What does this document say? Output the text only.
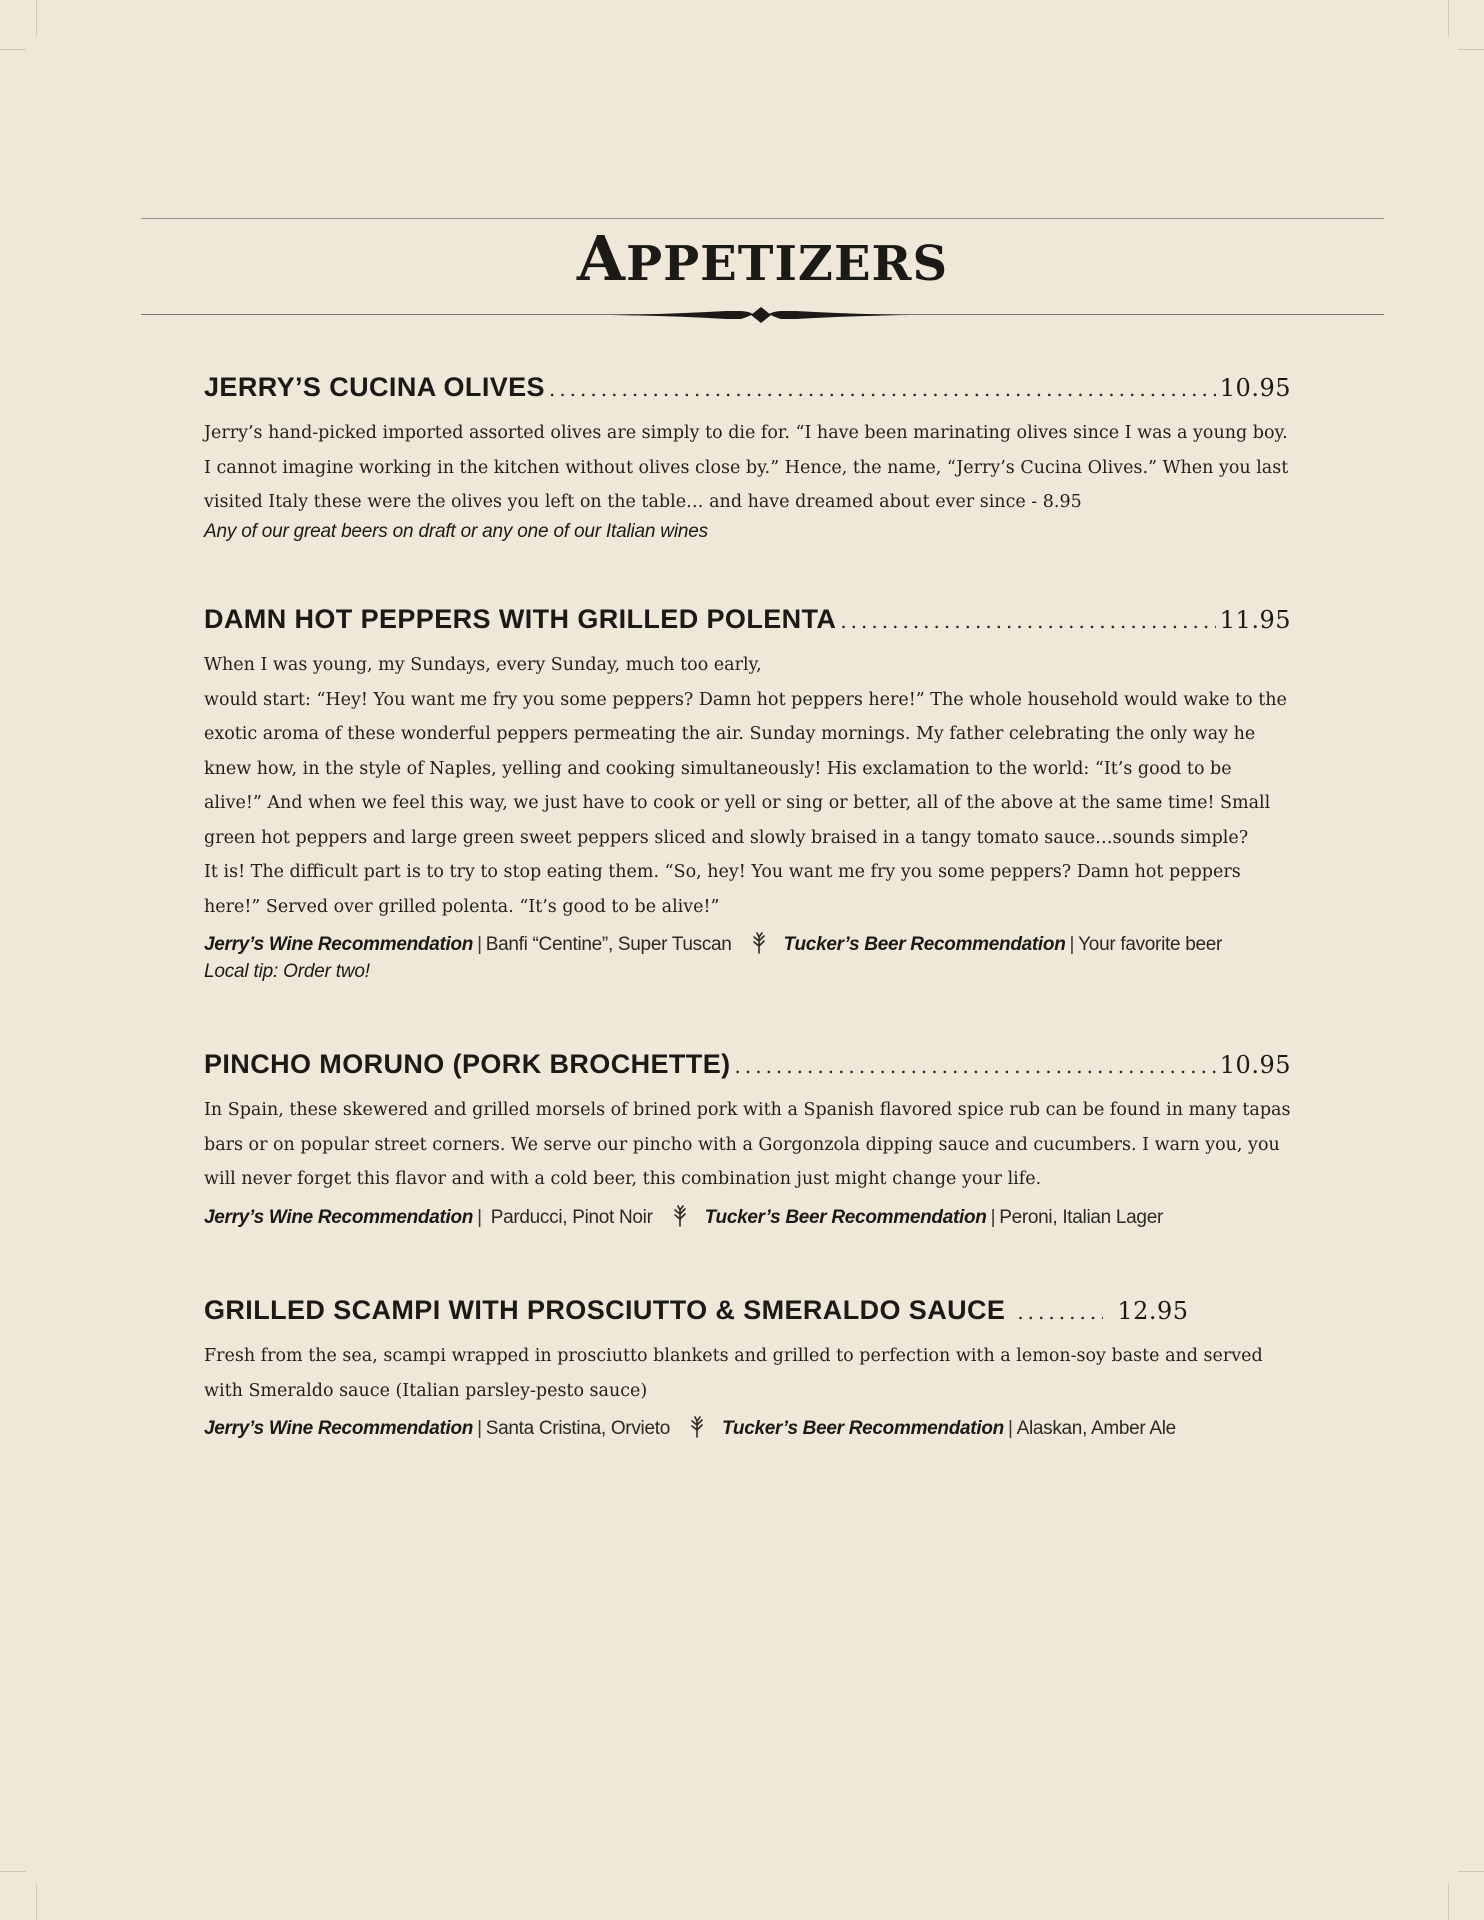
APPETIZERS
JERRY’S CUCINA OLIVES .....	10.95

Jerry’s hand-picked imported assorted olives are simply to die for. “I have been marinating olives since I was a young boy. I cannot imagine working in the kitchen without olives close by.” Hence, the name, “Jerry’s Cucina Olives.” When you last visited Italy these were the olives you left on the table… and have dreamed about ever since - 8.95

Any of our great beers on draft or any one of our Italian wines
DAMN HOT PEPPERS WITH GRILLED POLENTA .....	11.95

When I was young, my Sundays, every Sunday, much too early,

would start: “Hey! You want me fry you some peppers? Damn hot peppers here!” The whole household would wake to the exotic aroma of these wonderful peppers permeating the air. Sunday mornings. My father celebrating the only way he knew how, in the style of Naples, yelling and cooking simultaneously! His exclamation to the world: “It’s good to be alive!” And when we feel this way, we just have to cook or yell or sing or better, all of the above at the same time! Small green hot peppers and large green sweet peppers sliced and slowly braised in a tangy tomato sauce…sounds simple?

It is! The difficult part is to try to stop eating them. “So, hey! You want me fry you some peppers? Damn hot peppers here!” Served over grilled polenta. “It’s good to be alive!”

Jerry’s Wine Recommendation | Banfi “Centine”, Super Tuscan	Tucker’s Beer Recommendation | Your favorite beer
Local tip: Order two!
PINCHO MORUNO (PORK BROCHETTE) .....	10.95

In Spain, these skewered and grilled morsels of brined pork with a Spanish flavored spice rub can be found in many tapas bars or on popular street corners. We serve our pincho with a Gorgonzola dipping sauce and cucumbers. I warn you, you will never forget this flavor and with a cold beer, this combination just might change your life.

Jerry’s Wine Recommendation | Parducci, Pinot Noir	Tucker’s Beer Recommendation | Peroni, Italian Lager
GRILLED SCAMPI WITH PROSCIUTTO & SMERALDO SAUCE .....	12.95

Fresh from the sea, scampi wrapped in prosciutto blankets and grilled to perfection with a lemon-soy baste and served with Smeraldo sauce (Italian parsley-pesto sauce)

Jerry’s Wine Recommendation | Santa Cristina, Orvieto	Tucker’s Beer Recommendation | Alaskan, Amber Ale
